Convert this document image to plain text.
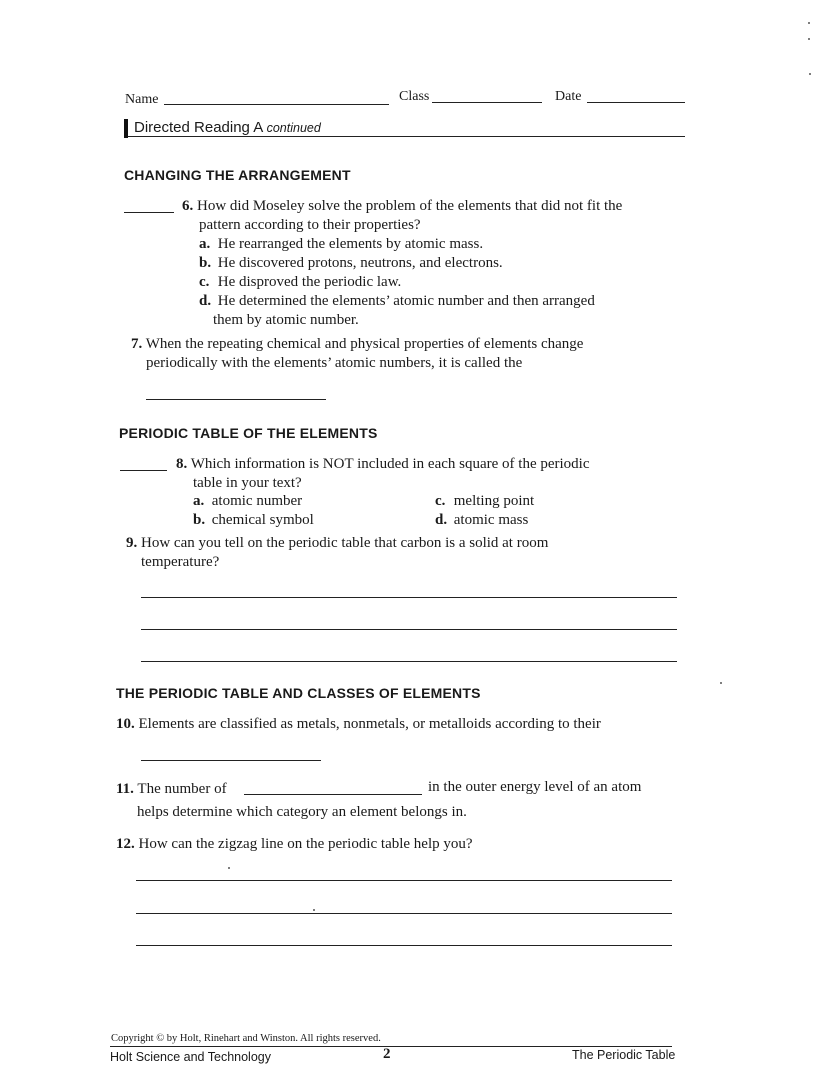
Name	Class	Date
Directed Reading A continued
CHANGING THE ARRANGEMENT
6. How did Moseley solve the problem of the elements that did not fit the
pattern according to their properties?
a. He rearranged the elements by atomic mass.
b. He discovered protons, neutrons, and electrons.
c. He disproved the periodic law.
d. He determined the elements’ atomic number and then arranged
them by atomic number.
7. When the repeating chemical and physical properties of elements change
periodically with the elements’ atomic numbers, it is called the
PERIODIC TABLE OF THE ELEMENTS
8. Which information is NOT included in each square of the periodic
table in your text?
a. atomic number
b. chemical symbol
c. melting point
d. atomic mass
9. How can you tell on the periodic table that carbon is a solid at room
temperature?
THE PERIODIC TABLE AND CLASSES OF ELEMENTS
10. Elements are classified as metals, nonmetals, or metalloids according to their
11. The number of	in the outer energy level of an atom
helps determine which category an element belongs in.
12. How can the zigzag line on the periodic table help you?
Copyright © by Holt, Rinehart and Winston. All rights reserved.
Holt Science and Technology	2	The Periodic Table
